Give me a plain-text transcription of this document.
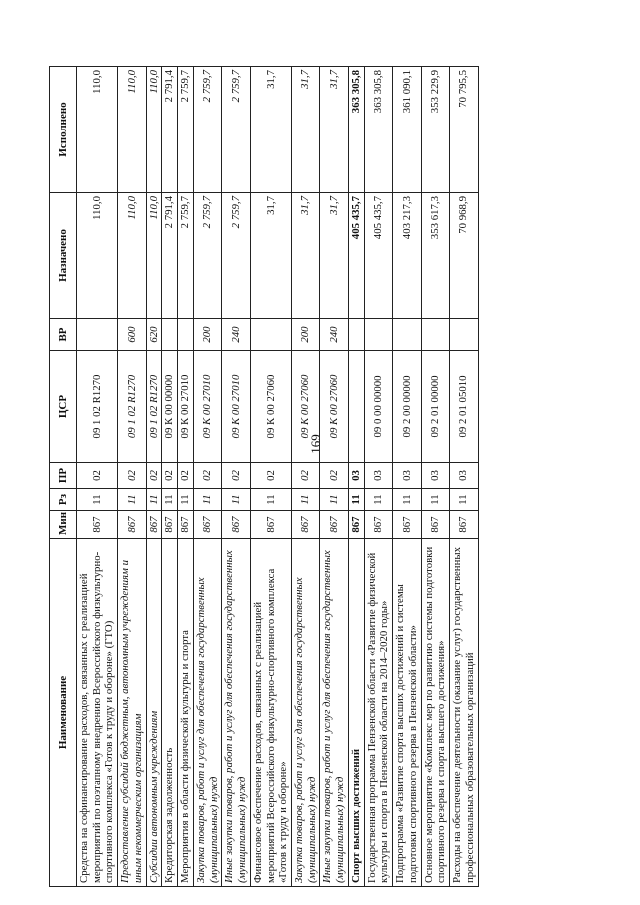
169
Наименование	Мин	Рз	ПР	ЦСР	ВР	Назначено	Исполнено
Средства на софинансирование расходов, связанных с реализацией мероприятий по поэтапному внедрению Всероссийского физкультурно-спортивного комплекса «Готов к труду и обороне» (ГТО)	867	11	02	09 1 02 R1270		110,0	110,0
Предоставление субсидий бюджетным, автономным учреждениям и иным некоммерческим организациям	867	11	02	09 1 02 R1270	600	110,0	110,0
Субсидии автономным учреждениям	867	11	02	09 1 02 R1270	620	110,0	110,0
Кредиторская задолженность	867	11	02	09 К 00 00000		2 791,4	2 791,4
Мероприятия в области физической культуры и спорта	867	11	02	09 К 00 27010		2 759,7	2 759,7
Закупка товаров, работ и услуг для обеспечения государственных (муниципальных) нужд	867	11	02	09 К 00 27010	200	2 759,7	2 759,7
Иные закупки товаров, работ и услуг для обеспечения государственных (муниципальных) нужд	867	11	02	09 К 00 27010	240	2 759,7	2 759,7
Финансовое обеспечение расходов, связанных с реализацией мероприятий Всероссийского физкультурно-спортивного комплекса «Готов к труду и обороне»	867	11	02	09 К 00 27060		31,7	31,7
Закупка товаров, работ и услуг для обеспечения государственных (муниципальных) нужд	867	11	02	09 К 00 27060	200	31,7	31,7
Иные закупки товаров, работ и услуг для обеспечения государственных (муниципальных) нужд	867	11	02	09 К 00 27060	240	31,7	31,7
Спорт высших достижений	867	11	03			405 435,7	363 305,8
Государственная программа Пензенской области «Развитие физической культуры и спорта в Пензенской области на 2014–2020 годы»	867	11	03	09 0 00 00000		405 435,7	363 305,8
Подпрограмма «Развитие спорта высших достижений и системы подготовки спортивного резерва в Пензенской области»	867	11	03	09 2 00 00000		403 217,3	361 090,1
Основное мероприятие «Комплекс мер по развитию системы подготовки спортивного резерва и спорта высшего достижения»	867	11	03	09 2 01 00000		353 617,3	353 229,9
Расходы на обеспечение деятельности (оказание услуг) государственных профессиональных образовательных организаций	867	11	03	09 2 01 05010		70 968,9	70 795,5
